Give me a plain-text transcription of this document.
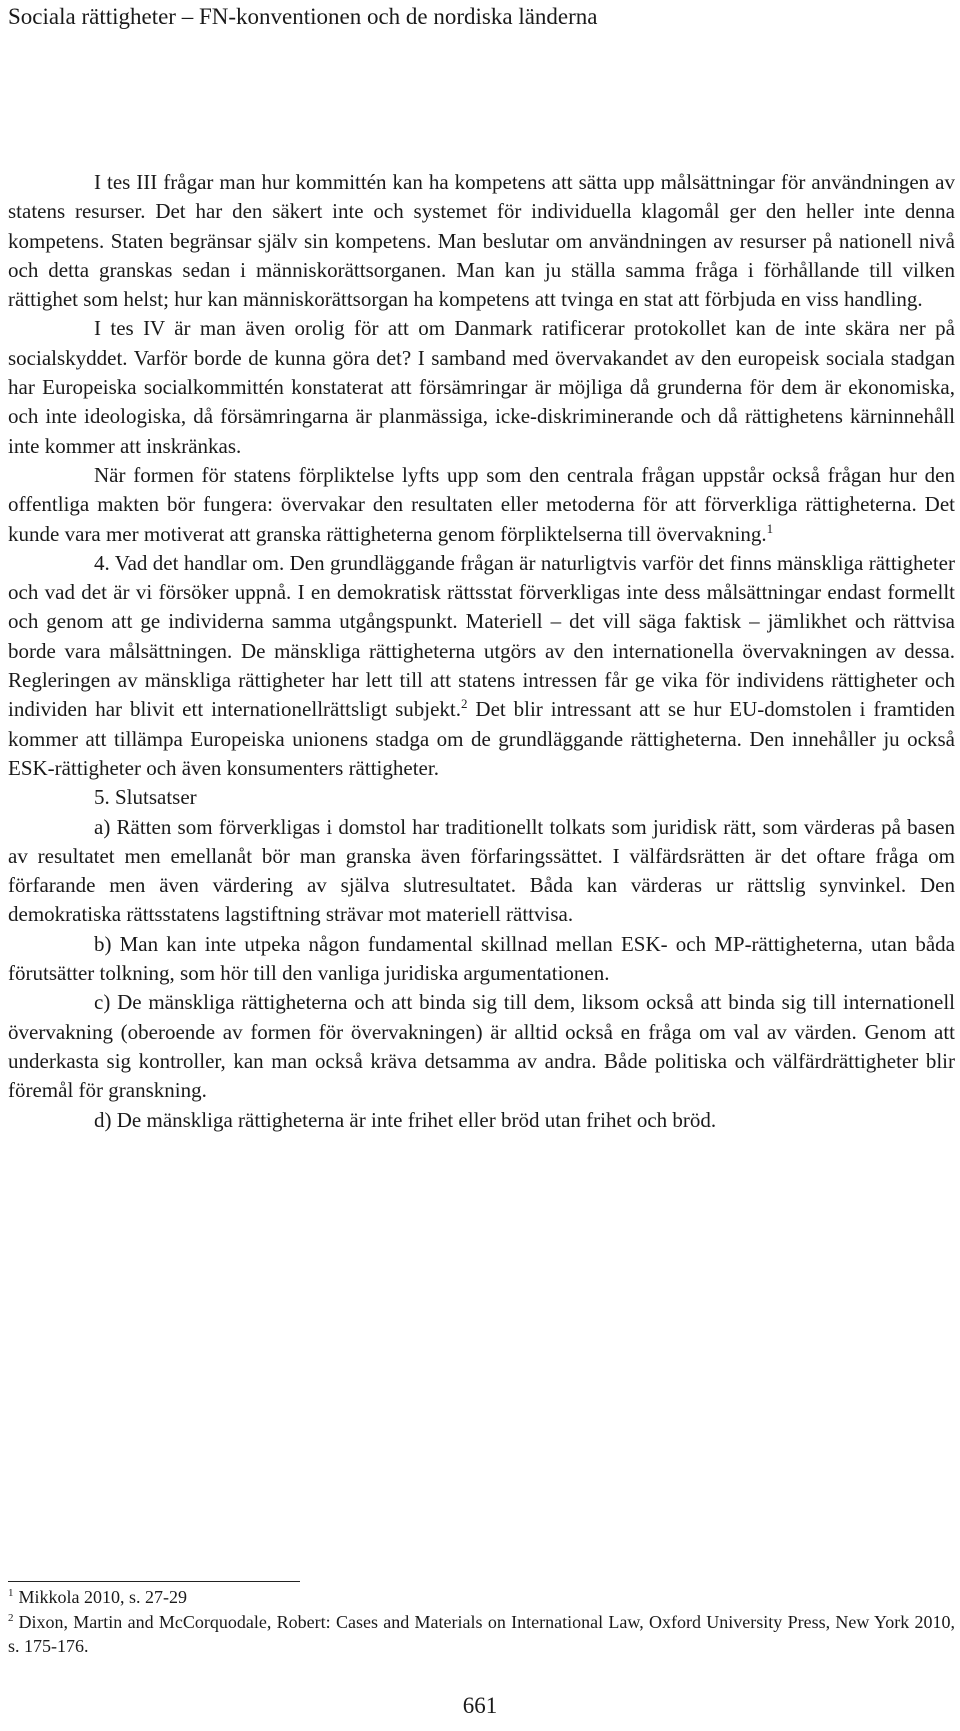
Sociala rättigheter – FN-konventionen och de nordiska länderna

I tes III frågar man hur kommittén kan ha kompetens att sätta upp målsättningar för användningen av statens resurser. Det har den säkert inte och systemet för individuella klagomål ger den heller inte denna kompetens. Staten begränsar själv sin kompetens. Man beslutar om användningen av resurser på nationell nivå och detta granskas sedan i människorättsorganen. Man kan ju ställa samma fråga i förhållande till vilken rättighet som helst; hur kan människorättsorgan ha kompetens att tvinga en stat att förbjuda en viss handling.

I tes IV är man även orolig för att om Danmark ratificerar protokollet kan de inte skära ner på socialskyddet. Varför borde de kunna göra det? I samband med övervakandet av den europeisk sociala stadgan har Europeiska socialkommittén konstaterat att försämringar är möjliga då grunderna för dem är ekonomiska, och inte ideologiska, då försämringarna är planmässiga, icke-diskriminerande och då rättighetens kärninnehåll inte kommer att inskränkas.

När formen för statens förpliktelse lyfts upp som den centrala frågan uppstår också frågan hur den offentliga makten bör fungera: övervakar den resultaten eller metoderna för att förverkliga rättigheterna. Det kunde vara mer motiverat att granska rättigheterna genom förpliktelserna till övervakning.$^1$

4. Vad det handlar om. Den grundläggande frågan är naturligtvis varför det finns mänskliga rättigheter och vad det är vi försöker uppnå. I en demokratisk rättsstat förverkligas inte dess målsättningar endast formellt och genom att ge individerna samma utgångspunkt. Materiell – det vill säga faktisk – jämlikhet och rättvisa borde vara målsättningen. De mänskliga rättigheterna utgörs av den internationella övervakningen av dessa. Regleringen av mänskliga rättigheter har lett till att statens intressen får ge vika för individens rättigheter och individen har blivit ett internationellrättsligt subjekt.$^2$ Det blir intressant att se hur EU-domstolen i framtiden kommer att tillämpa Europeiska unionens stadga om de grundläggande rättigheterna. Den innehåller ju också ESK-rättigheter och även konsumenters rättigheter.

5. Slutsatser

a) Rätten som förverkligas i domstol har traditionellt tolkats som juridisk rätt, som värderas på basen av resultatet men emellanåt bör man granska även förfaringssättet. I välfärdsrätten är det oftare fråga om förfarande men även värdering av själva slutresultatet. Båda kan värderas ur rättslig synvinkel. Den demokratiska rättsstatens lagstiftning strävar mot materiell rättvisa.

b) Man kan inte utpeka någon fundamental skillnad mellan ESK- och MP-rättigheterna, utan båda förutsätter tolkning, som hör till den vanliga juridiska argumentationen.

c) De mänskliga rättigheterna och att binda sig till dem, liksom också att binda sig till internationell övervakning (oberoende av formen för övervakningen) är alltid också en fråga om val av värden. Genom att underkasta sig kontroller, kan man också kräva detsamma av andra. Både politiska och välfärdrättigheter blir föremål för granskning.

d) De mänskliga rättigheterna är inte frihet eller bröd utan frihet och bröd.

$^1$ Mikkola 2010, s. 27-29

$^2$ Dixon, Martin and McCorquodale, Robert: Cases and Materials on International Law, Oxford University Press, New York 2010, s. 175-176.

661
